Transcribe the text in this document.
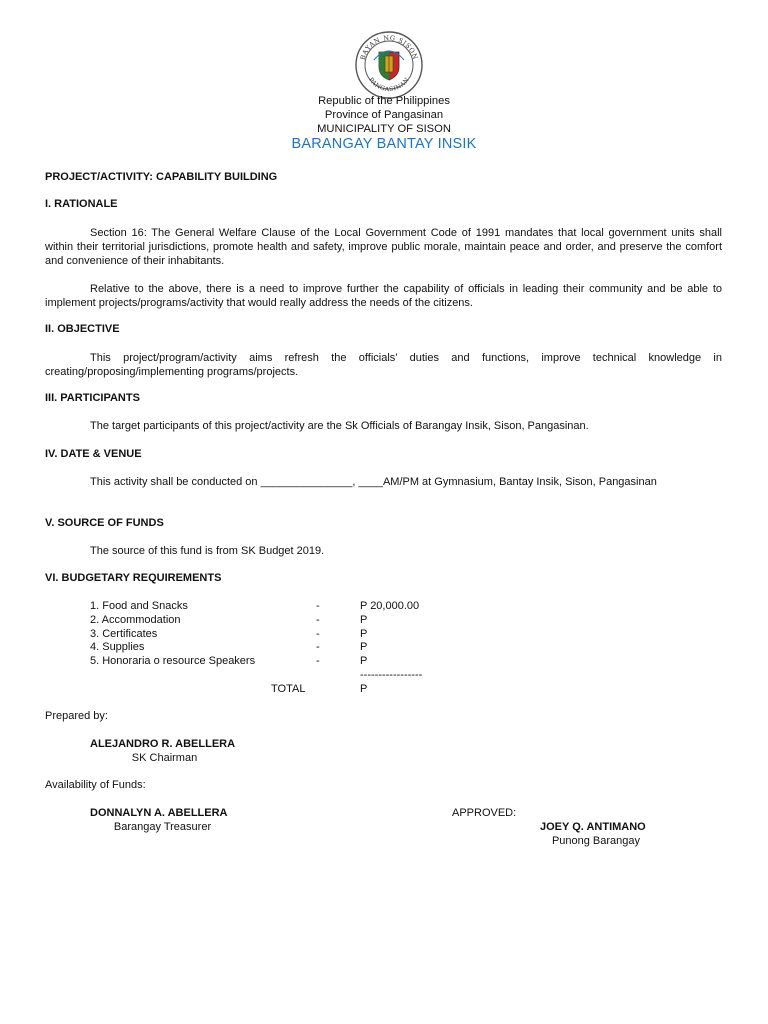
BAYAN NG SISON
PANGASINAN
Republic of the Philippines
Province of Pangasinan
MUNICIPALITY OF SISON
BARANGAY BANTAY INSIK
PROJECT/ACTIVITY: CAPABILITY BUILDING
I. RATIONALE
Section 16: The General Welfare Clause of the Local Government Code of 1991 mandates that local government units shall within their territorial jurisdictions, promote health and safety, improve public morale, maintain peace and order, and preserve the comfort and convenience of their inhabitants.
Relative to the above, there is a need to improve further the capability of officials in leading their community and be able to implement projects/programs/activity that would really address the needs of the citizens.
II. OBJECTIVE
This project/program/activity aims refresh the officials’ duties and functions, improve technical knowledge in creating/proposing/implementing programs/projects.
III. PARTICIPANTS
The target participants of this project/activity are the Sk Officials of Barangay Insik, Sison, Pangasinan.
IV. DATE & VENUE
This activity shall be conducted on _______________, ____AM/PM at Gymnasium, Bantay Insik, Sison, Pangasinan
V. SOURCE OF FUNDS
The source of this fund is from SK Budget 2019.
VI. BUDGETARY REQUIREMENTS
1. Food and Snacks	-	P 20,000.00
2. Accommodation	-	P
3. Certificates	-	P
4. Supplies	-	P
5. Honoraria o resource Speakers	-	P
-----------------
TOTAL	P
Prepared by:
ALEJANDRO R. ABELLERA
SK Chairman
Availability of Funds:
DONNALYN A. ABELLERA
Barangay Treasurer
APPROVED:
JOEY Q. ANTIMANO
Punong Barangay
